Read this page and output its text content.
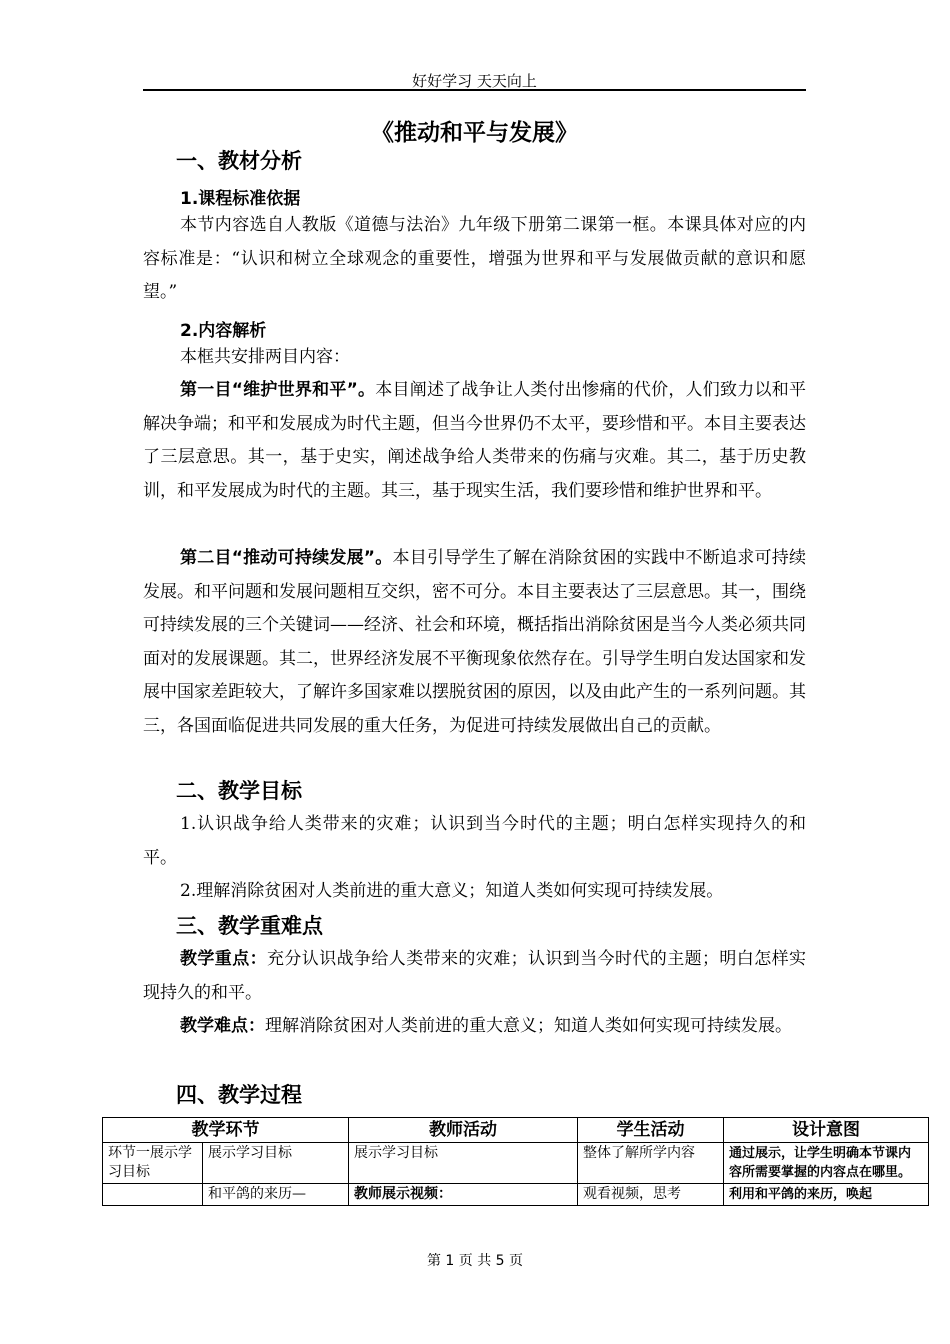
好好学习 天天向上
《推动和平与发展》
一、教材分析
1.课程标准依据

本节内容选自人教版《道德与法治》九年级下册第二课第一框。本课具体对应的内容标准是：“认识和树立全球观念的重要性，增强为世界和平与发展做贡献的意识和愿望。”

2.内容解析

本框共安排两目内容：

第一目“维护世界和平”。本目阐述了战争让人类付出惨痛的代价，人们致力以和平解决争端；和平和发展成为时代主题，但当今世界仍不太平，要珍惜和平。本目主要表达了三层意思。其一，基于史实，阐述战争给人类带来的伤痛与灾难。其二，基于历史教训，和平发展成为时代的主题。其三，基于现实生活，我们要珍惜和维护世界和平。

第二目“推动可持续发展”。本目引导学生了解在消除贫困的实践中不断追求可持续发展。和平问题和发展问题相互交织，密不可分。本目主要表达了三层意思。其一，围绕可持续发展的三个关键词——经济、社会和环境，概括指出消除贫困是当今人类必须共同面对的发展课题。其二，世界经济发展不平衡现象依然存在。引导学生明白发达国家和发展中国家差距较大，了解许多国家难以摆脱贫困的原因，以及由此产生的一系列问题。其三，各国面临促进共同发展的重大任务，为促进可持续发展做出自己的贡献。

二、教学目标

1.认识战争给人类带来的灾难；认识到当今时代的主题；明白怎样实现持久的和平。

2.理解消除贫困对人类前进的重大意义；知道人类如何实现可持续发展。

三、教学重难点

教学重点：充分认识战争给人类带来的灾难；认识到当今时代的主题；明白怎样实现持久的和平。

教学难点：理解消除贫困对人类前进的重大意义；知道人类如何实现可持续发展。

四、教学过程
教学环节		教师活动	学生活动	设计意图
环节一展示学习目标	展示学习目标	展示学习目标	整体了解所学内容	通过展示，让学生明确本节课内容所需要掌握的内容点在哪里。
	和平鸽的来历—	教师展示视频：	观看视频，思考	利用和平鸽的来历，唤起
第 1 页 共 5 页
